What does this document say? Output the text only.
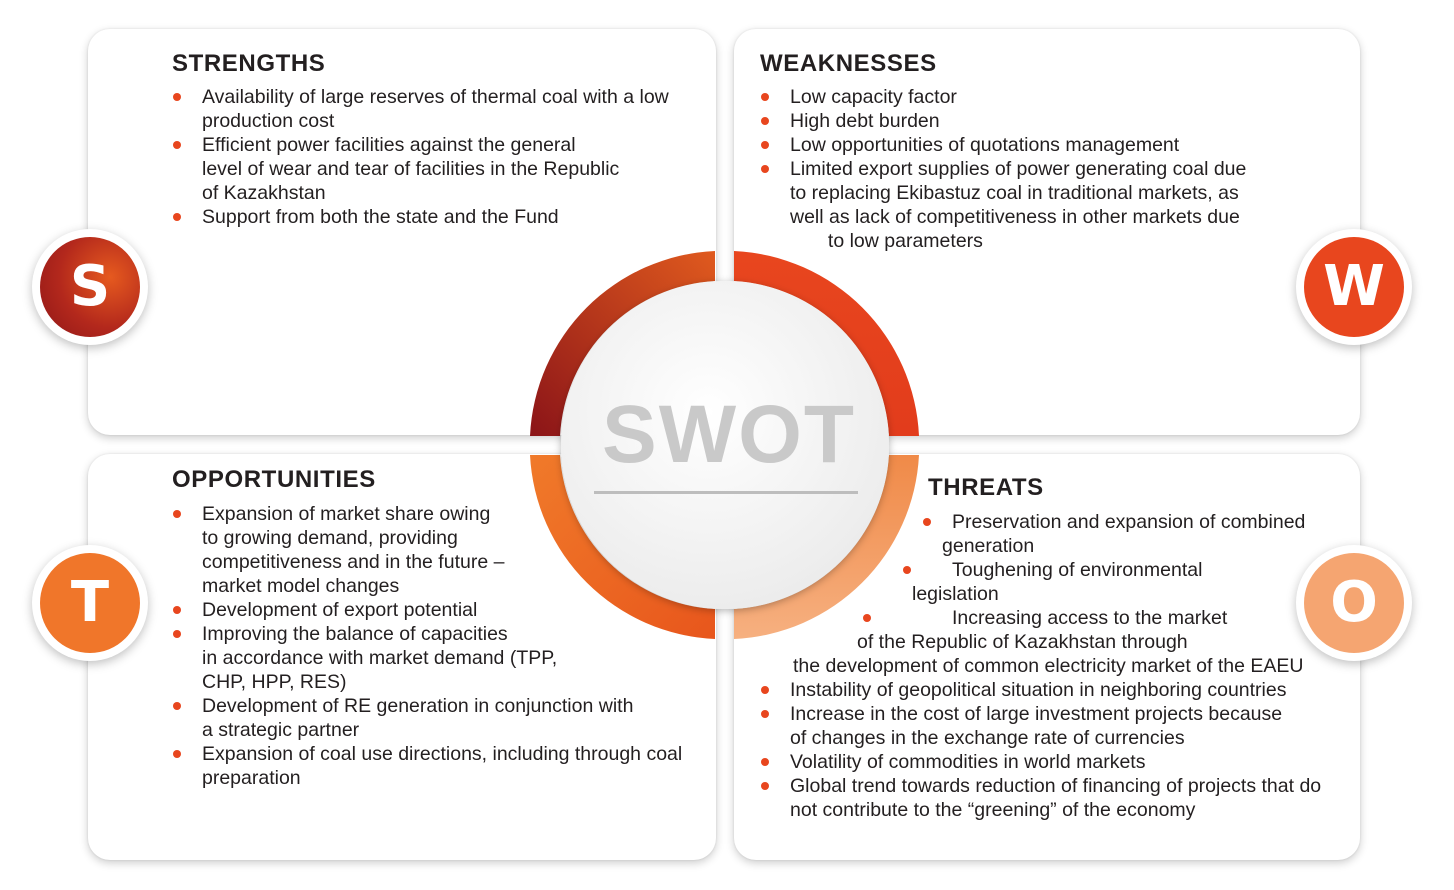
SWOT
S	W
T	O
STRENGTHS
Availability of large reserves of thermal coal with a low
production cost
Efficient power facilities against the general
level of wear and tear of facilities in the Republic
of Kazakhstan
Support from both the state and the Fund
WEAKNESSES
Low capacity factor
High debt burden
Low opportunities of quotations management
Limited export supplies of power generating coal due
to replacing Ekibastuz coal in traditional markets, as
well as lack of competitiveness in other markets due
to low parameters
OPPORTUNITIES
Expansion of market share owing
to growing demand, providing
competitiveness and in the future –
market model changes
Development of export potential
Improving the balance of capacities
in accordance with market demand (TPP,
CHP, HPP, RES)
Development of RE generation in conjunction with
a strategic partner
Expansion of coal use directions, including through coal
preparation
THREATS
Preservation and expansion of combined
generation
Toughening of environmental
legislation
Increasing access to the market
of the Republic of Kazakhstan through
the development of common electricity market of the EAEU
Instability of geopolitical situation in neighboring countries
Increase in the cost of large investment projects because
of changes in the exchange rate of currencies
Volatility of commodities in world markets
Global trend towards reduction of financing of projects that do
not contribute to the “greening” of the economy
